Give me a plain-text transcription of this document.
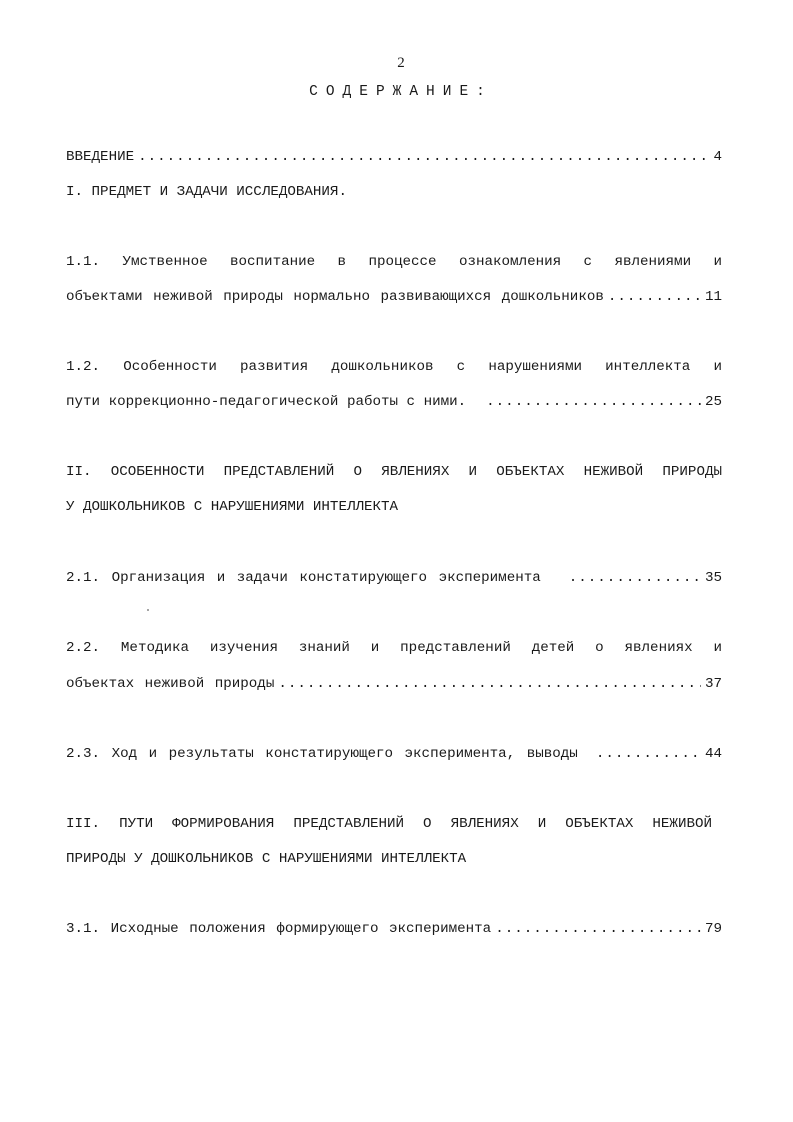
2
СОДЕРЖАНИЕ:
ВВЕДЕНИЕ .....	4
I. ПРЕДМЕТ И ЗАДАЧИ ИССЛЕДОВАНИЯ.
1.1. Умственное воспитание в процессе ознакомления с явлениями и
объектами неживой природы нормально развивающихся дошкольников .....	11
1.2. Особенности развития дошкольников с нарушениями интеллекта и
пути коррекционно-педагогической работы с ними. .....	25
II. ОСОБЕННОСТИ ПРЕДСТАВЛЕНИЙ О ЯВЛЕНИЯХ И ОБЪЕКТАХ НЕЖИВОЙ ПРИРОДЫ
У ДОШКОЛЬНИКОВ С НАРУШЕНИЯМИ ИНТЕЛЛЕКТА
2.1. Организация и задачи констатирующего эксперимента .....	35
2.2. Методика изучения знаний и представлений детей о явлениях и
объектах неживой природы .....	37
2.3. Ход и результаты констатирующего эксперимента, выводы .....	44
III. ПУТИ ФОРМИРОВАНИЯ ПРЕДСТАВЛЕНИЙ О ЯВЛЕНИЯХ И ОБЪЕКТАХ НЕЖИВОЙ
ПРИРОДЫ У ДОШКОЛЬНИКОВ С НАРУШЕНИЯМИ ИНТЕЛЛЕКТА
3.1. Исходные положения формирующего эксперимента .....	79
